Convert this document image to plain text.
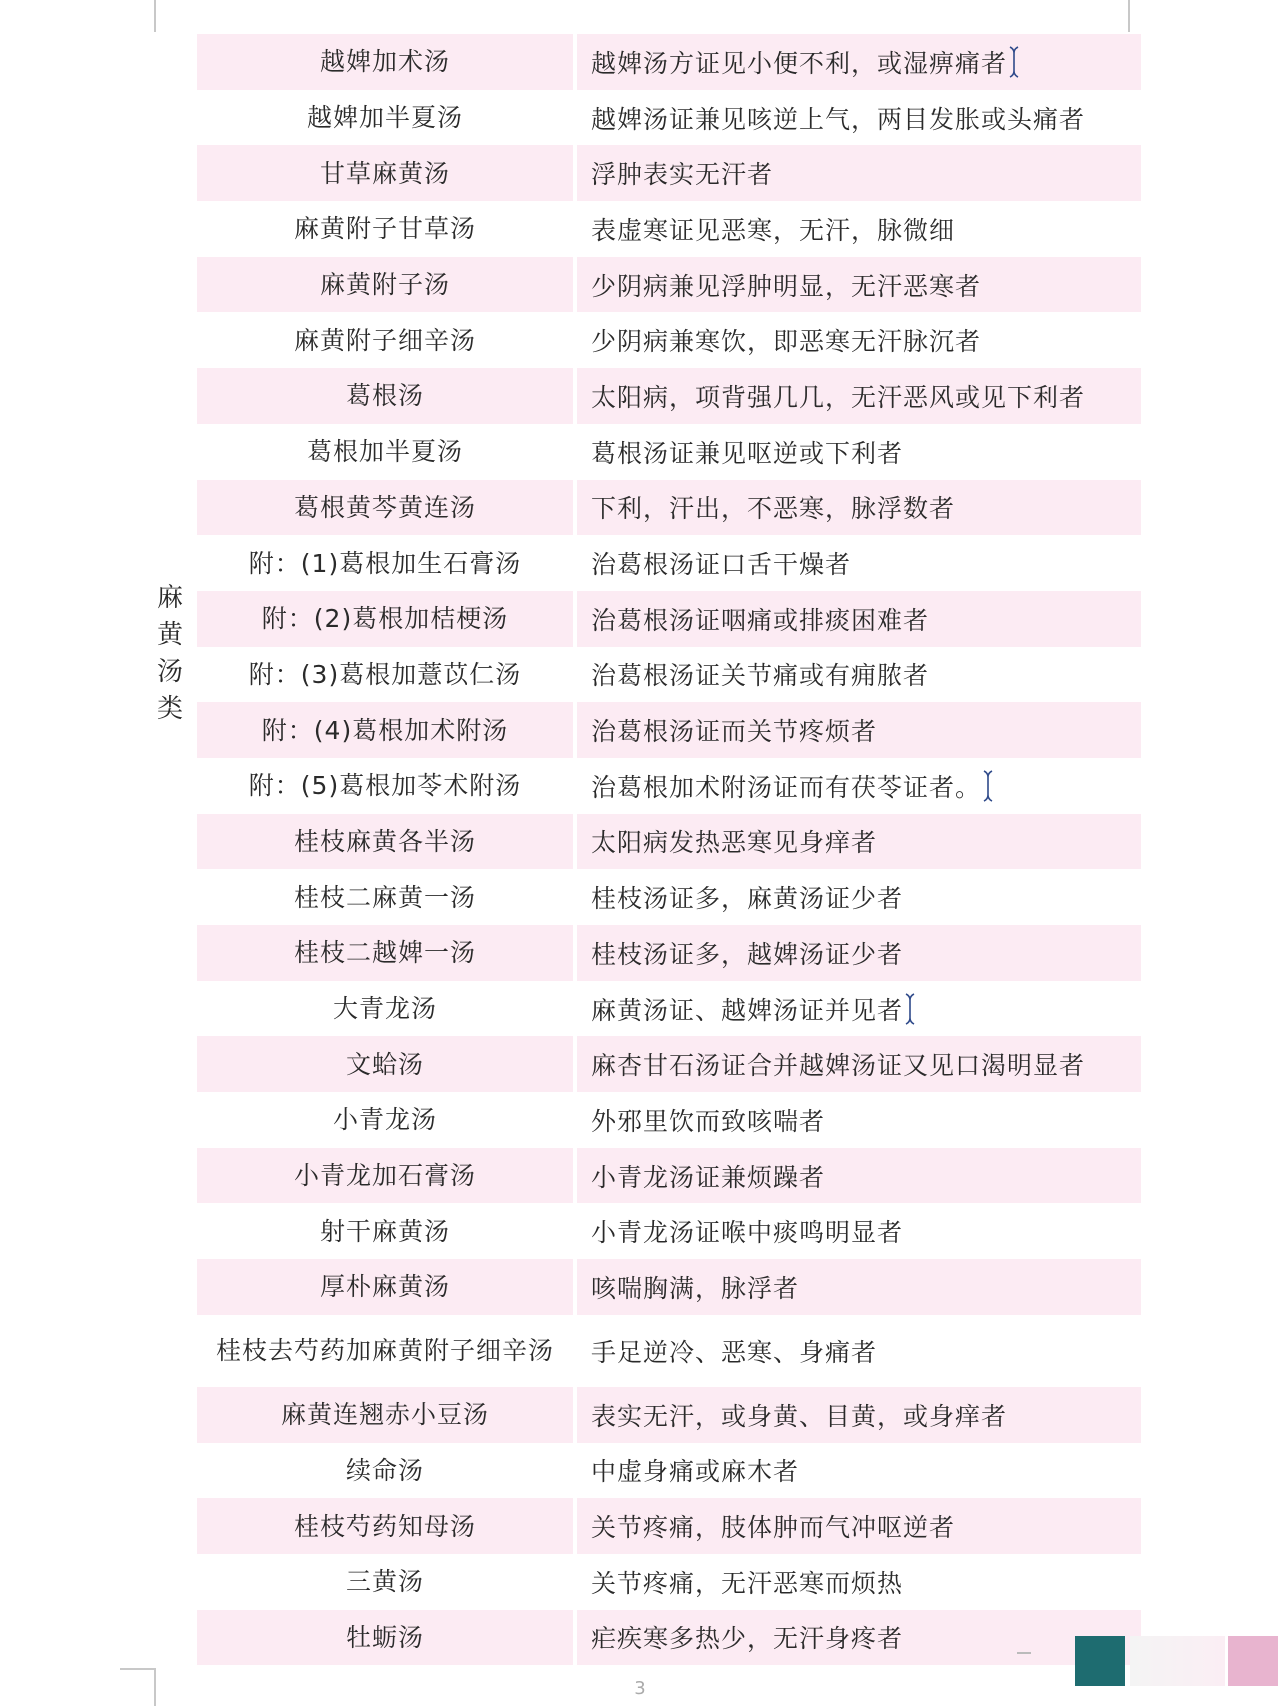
麻
黄
汤
类
越婢加术汤	越婢汤方证见小便不利，或湿痹痛者
越婢加半夏汤	越婢汤证兼见咳逆上气，两目发胀或头痛者
甘草麻黄汤	浮肿表实无汗者
麻黄附子甘草汤	表虚寒证见恶寒，无汗，脉微细
麻黄附子汤	少阴病兼见浮肿明显，无汗恶寒者
麻黄附子细辛汤	少阴病兼寒饮，即恶寒无汗脉沉者
葛根汤	太阳病，项背强几几，无汗恶风或见下利者
葛根加半夏汤	葛根汤证兼见呕逆或下利者
葛根黄芩黄连汤	下利，汗出，不恶寒，脉浮数者
附：(1)葛根加生石膏汤	治葛根汤证口舌干燥者
附：(2)葛根加桔梗汤	治葛根汤证咽痛或排痰困难者
附：(3)葛根加薏苡仁汤	治葛根汤证关节痛或有痈脓者
附：(4)葛根加术附汤	治葛根汤证而关节疼烦者
附：(5)葛根加苓术附汤	治葛根加术附汤证而有茯苓证者。
桂枝麻黄各半汤	太阳病发热恶寒见身痒者
桂枝二麻黄一汤	桂枝汤证多，麻黄汤证少者
桂枝二越婢一汤	桂枝汤证多，越婢汤证少者
大青龙汤	麻黄汤证、越婢汤证并见者
文蛤汤	麻杏甘石汤证合并越婢汤证又见口渴明显者
小青龙汤	外邪里饮而致咳喘者
小青龙加石膏汤	小青龙汤证兼烦躁者
射干麻黄汤	小青龙汤证喉中痰鸣明显者
厚朴麻黄汤	咳喘胸满，脉浮者
桂枝去芍药加麻黄附子细辛汤 手足逆冷、恶寒、身痛者
麻黄连翘赤小豆汤	表实无汗，或身黄、目黄，或身痒者
续命汤	中虚身痛或麻木者
桂枝芍药知母汤	关节疼痛，肢体肿而气冲呕逆者
三黄汤	关节疼痛，无汗恶寒而烦热
牡蛎汤	疟疾寒多热少，无汗身疼者
3
